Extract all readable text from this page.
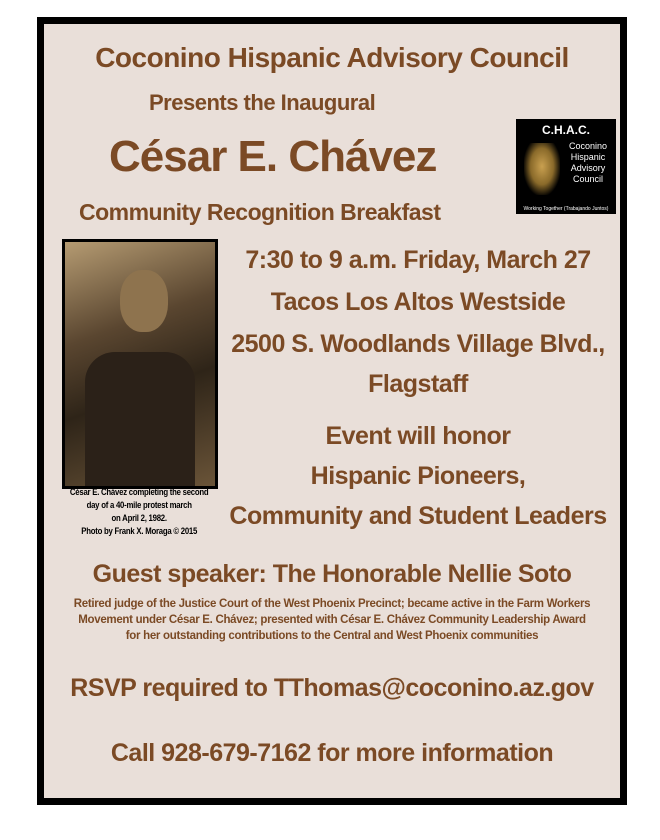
Coconino Hispanic Advisory Council
Presents the Inaugural
César E. Chávez
Community Recognition Breakfast
C.H.A.C.
Coconino Hispanic Advisory Council
Working Together (Trabajando Juntos)
César E. Chávez completing the second
day of a 40-mile protest march
on April 2, 1982.
Photo by Frank X. Moraga © 2015
7:30 to 9 a.m. Friday, March 27
Tacos Los Altos Westside
2500 S. Woodlands Village Blvd.,
Flagstaff
Event will honor
Hispanic Pioneers,
Community and Student Leaders
Guest speaker: The Honorable Nellie Soto
Retired judge of the Justice Court of the West Phoenix Precinct; became active in the Farm Workers
Movement under César E. Chávez; presented with César E. Chávez Community Leadership Award
for her outstanding contributions to the Central and West Phoenix communities
RSVP required to TThomas@coconino.az.gov
Call 928-679-7162 for more information
